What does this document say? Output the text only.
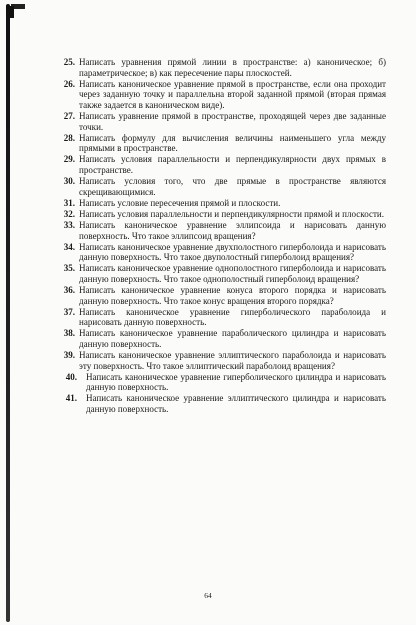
25. Написать уравнения прямой линии в пространстве: а) каноническое; б) параметрическое; в) как пересечение пары плоскостей.
26. Написать каноническое уравнение прямой в пространстве, если она проходит через заданную точку и параллельна второй заданной прямой (вторая прямая также задается в каноническом виде).
27. Написать уравнение прямой в пространстве, проходящей через две заданные точки.
28. Написать формулу для вычисления величины наименьшего угла между прямыми в пространстве.
29. Написать условия параллельности и перпендикулярности двух прямых в пространстве.
30. Написать условия того, что две прямые в пространстве являются скрещивающимися.
31. Написать условие пересечения прямой и плоскости.
32. Написать условия параллельности и перпендикулярности прямой и плоскости.
33. Написать каноническое уравнение эллипсоида и нарисовать данную поверхность. Что такое эллипсоид вращения?
34. Написать каноническое уравнение двухполостного гиперболоида и нарисовать данную поверхность. Что такое двуполостный гиперболоид вращения?
35. Написать каноническое уравнение однополостного гиперболоида и нарисовать данную поверхность. Что такое однополостный гиперболоид вращения?
36. Написать каноническое уравнение конуса второго порядка и нарисовать данную поверхность. Что такое конус вращения второго порядка?
37. Написать каноническое уравнение гиперболического параболоида и нарисовать данную поверхность.
38. Написать каноническое уравнение параболического цилиндра и нарисовать данную поверхность.
39. Написать каноническое уравнение эллиптического параболоида и нарисовать эту поверхность. Что такое эллиптический параболоид вращения?
40. Написать каноническое уравнение гиперболического цилиндра и нарисовать данную поверхность.
41. Написать каноническое уравнение эллиптического цилиндра и нарисовать данную поверхность.
64
